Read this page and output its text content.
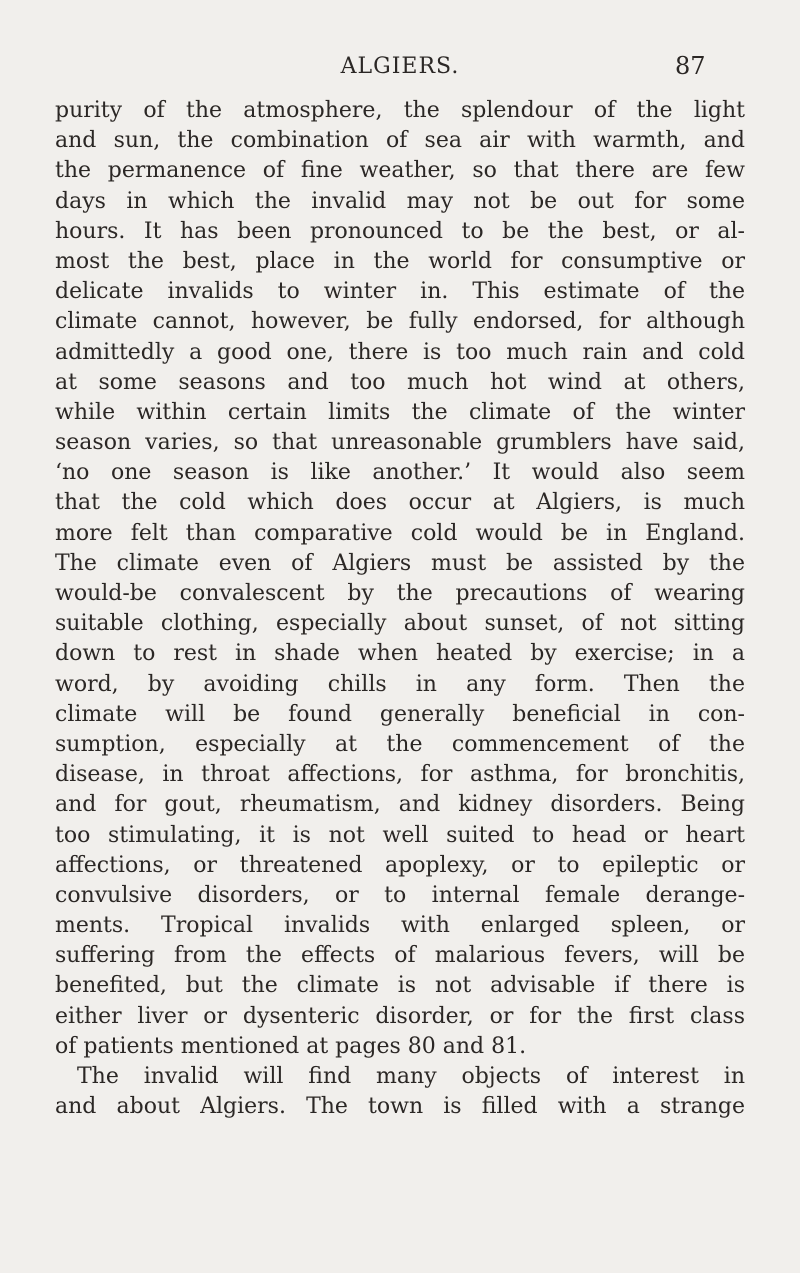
ALGIERS.	87
purity of the atmosphere, the splendour of the light
and sun, the combination of sea air with warmth, and
the permanence of fine weather, so that there are few
days in which the invalid may not be out for some
hours. It has been pronounced to be the best, or al-
most the best, place in the world for consumptive or
delicate invalids to winter in. This estimate of the
climate cannot, however, be fully endorsed, for although
admittedly a good one, there is too much rain and cold
at some seasons and too much hot wind at others,
while within certain limits the climate of the winter
season varies, so that unreasonable grumblers have said,
‘no one season is like another.’ It would also seem
that the cold which does occur at Algiers, is much
more felt than comparative cold would be in England.
The climate even of Algiers must be assisted by the
would-be convalescent by the precautions of wearing
suitable clothing, especially about sunset, of not sitting
down to rest in shade when heated by exercise; in a
word, by avoiding chills in any form. Then the
climate will be found generally beneficial in con-
sumption, especially at the commencement of the
disease, in throat affections, for asthma, for bronchitis,
and for gout, rheumatism, and kidney disorders. Being
too stimulating, it is not well suited to head or heart
affections, or threatened apoplexy, or to epileptic or
convulsive disorders, or to internal female derange-
ments. Tropical invalids with enlarged spleen, or
suffering from the effects of malarious fevers, will be
benefited, but the climate is not advisable if there is
either liver or dysenteric disorder, or for the first class
of patients mentioned at pages 80 and 81.
The invalid will find many objects of interest in
and about Algiers. The town is filled with a strange
